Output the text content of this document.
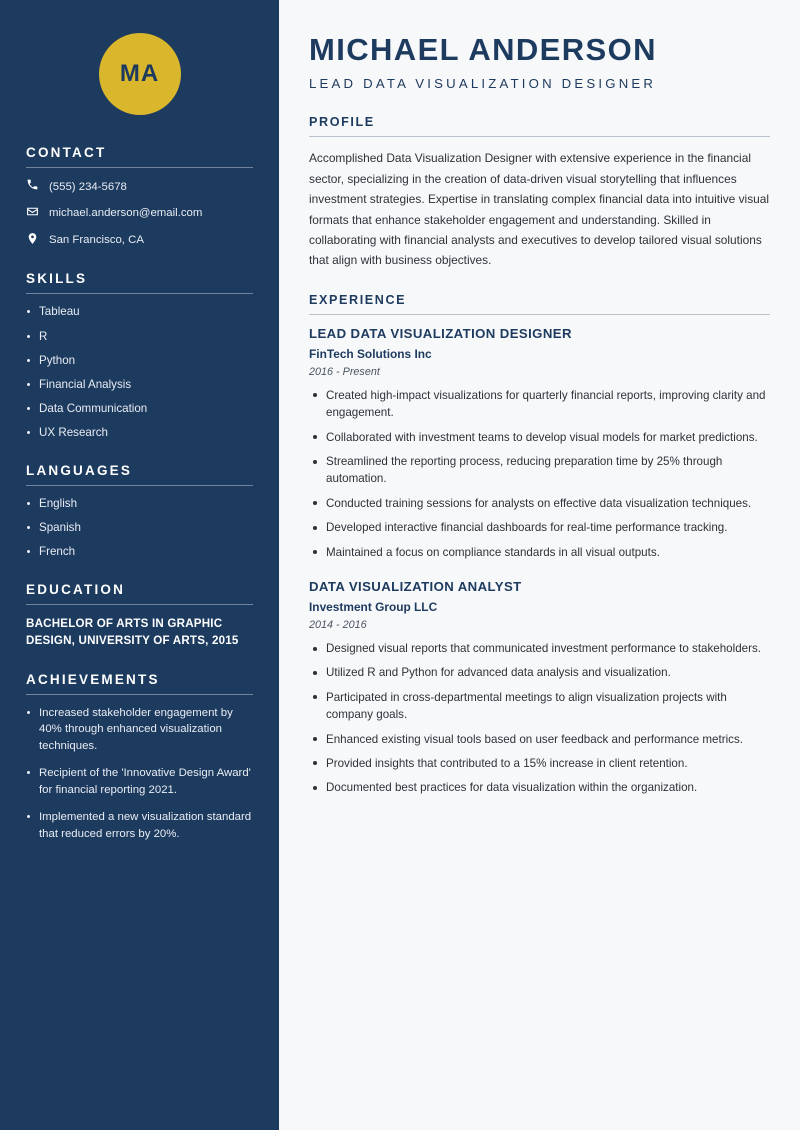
MA
CONTACT
(555) 234-5678
michael.anderson@email.com
San Francisco, CA
SKILLS
Tableau
R
Python
Financial Analysis
Data Communication
UX Research
LANGUAGES
English
Spanish
French
EDUCATION
BACHELOR OF ARTS IN GRAPHIC DESIGN, UNIVERSITY OF ARTS, 2015
ACHIEVEMENTS
Increased stakeholder engagement by 40% through enhanced visualization techniques.
Recipient of the 'Innovative Design Award' for financial reporting 2021.
Implemented a new visualization standard that reduced errors by 20%.
MICHAEL ANDERSON
LEAD DATA VISUALIZATION DESIGNER
PROFILE

Accomplished Data Visualization Designer with extensive experience in the financial sector, specializing in the creation of data-driven visual storytelling that influences investment strategies. Expertise in translating complex financial data into intuitive visual formats that enhance stakeholder engagement and understanding. Skilled in collaborating with financial analysts and executives to develop tailored visual solutions that align with business objectives.

EXPERIENCE
LEAD DATA VISUALIZATION DESIGNER
FinTech Solutions Inc
2016 - Present
Created high-impact visualizations for quarterly financial reports, improving clarity and engagement.
Collaborated with investment teams to develop visual models for market predictions.
Streamlined the reporting process, reducing preparation time by 25% through automation.
Conducted training sessions for analysts on effective data visualization techniques.
Developed interactive financial dashboards for real-time performance tracking.
Maintained a focus on compliance standards in all visual outputs.
DATA VISUALIZATION ANALYST
Investment Group LLC
2014 - 2016
Designed visual reports that communicated investment performance to stakeholders.
Utilized R and Python for advanced data analysis and visualization.
Participated in cross-departmental meetings to align visualization projects with company goals.
Enhanced existing visual tools based on user feedback and performance metrics.
Provided insights that contributed to a 15% increase in client retention.
Documented best practices for data visualization within the organization.
